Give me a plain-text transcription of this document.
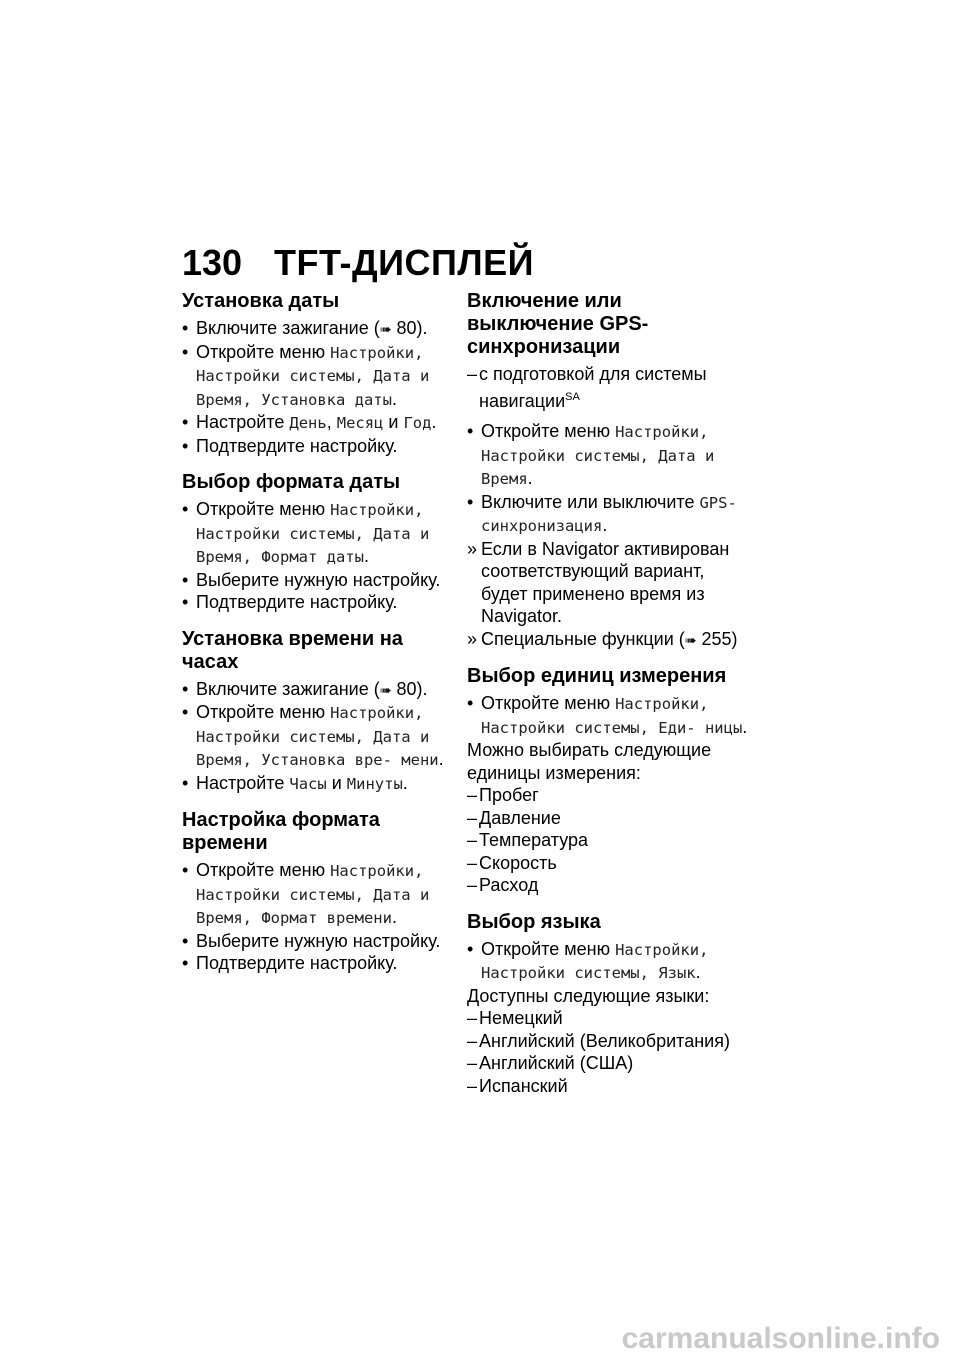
130 TFT-ДИСПЛЕЙ
Установка даты
• Включите зажигание (➠ 80).
• Откройте меню Настройки, Настройки системы, Дата и Время, Установка даты.
• Настройте День, Месяц и Год.
• Подтвердите настройку.
Выбор формата даты
• Откройте меню Настройки, Настройки системы, Дата и Время, Формат даты.
• Выберите нужную настройку.
• Подтвердите настройку.
Установка времени на часах
• Включите зажигание (➠ 80).
• Откройте меню Настройки, Настройки системы, Дата и Время, Установка вре- мени.
• Настройте Часы и Минуты.
Настройка формата времени
• Откройте меню Настройки, Настройки системы, Дата и Время, Формат времени.
• Выберите нужную настройку.
• Подтвердите настройку.
Включение или выключение GPS-синхронизации
– с подготовкой для системы навигации$^{SA}$
• Откройте меню Настройки, Настройки системы, Дата и Время.
• Включите или выключите GPS-синхронизация.
» Если в Navigator активирован соответствующий вариант, будет применено время из Navigator.
» Специальные функции (➠ 255)
Выбор единиц измерения
• Откройте меню Настройки, Настройки системы, Еди- ницы.
Можно выбирать следующие единицы измерения:
– Пробег
– Давление
– Температура
– Скорость
– Расход
Выбор языка
• Откройте меню Настройки, Настройки системы, Язык.
Доступны следующие языки:
– Немецкий
– Английский (Великобритания)
– Английский (США)
– Испанский
carmanualsonline.info
